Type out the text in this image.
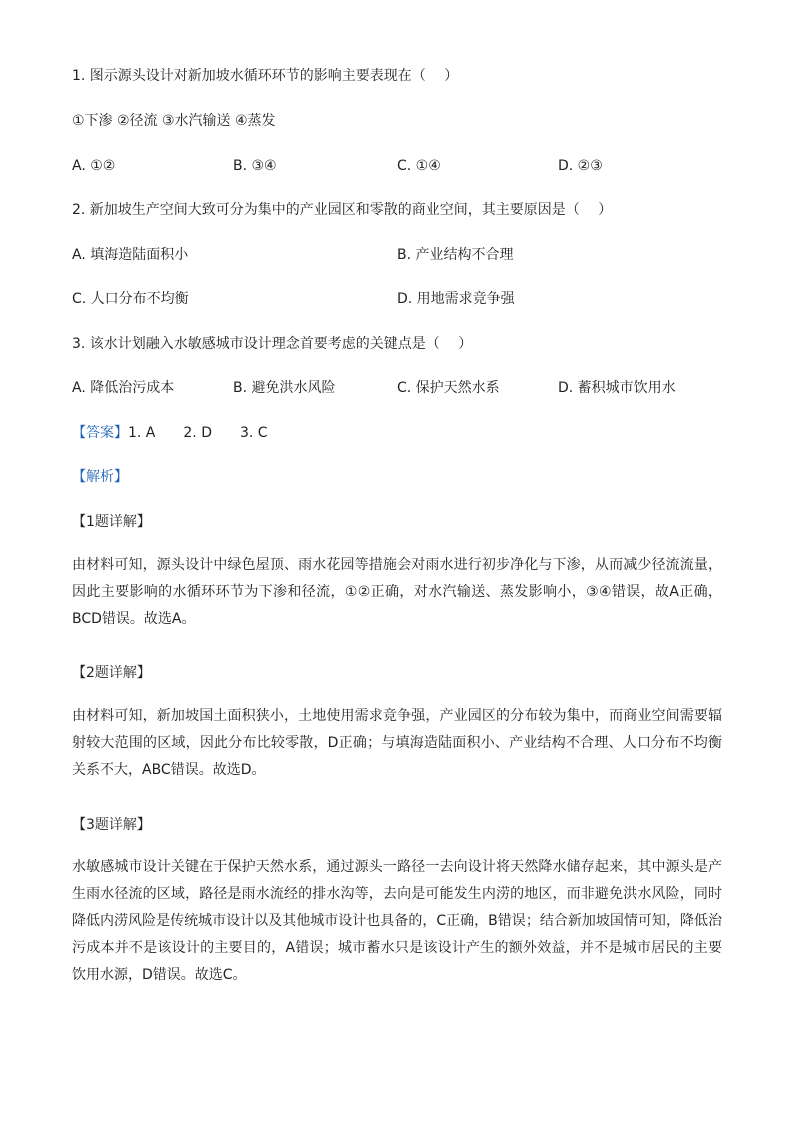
1. 图示源头设计对新加坡水循环环节的影响主要表现在（　 ）
①下渗 ②径流 ③水汽输送 ④蒸发
A. ①②	B. ③④	C. ①④	D. ②③
2. 新加坡生产空间大致可分为集中的产业园区和零散的商业空间，其主要原因是（　 ）
A. 填海造陆面积小	B. 产业结构不合理
C. 人口分布不均衡	D. 用地需求竞争强
3. 该水计划融入水敏感城市设计理念首要考虑的关键点是（　 ）
A. 降低治污成本	B. 避免洪水风险	C. 保护天然水系	D. 蓄积城市饮用水
【答案】1. A　　2. D　　3. C
【解析】
【1题详解】
由材料可知，源头设计中绿色屋顶、雨水花园等措施会对雨水进行初步净化与下渗，从而减少径流流量，因此主要影响的水循环环节为下渗和径流，①②正确，对水汽输送、蒸发影响小，③④错误，故A正确，BCD错误。故选A。
【2题详解】
由材料可知，新加坡国土面积狭小，土地使用需求竞争强，产业园区的分布较为集中，而商业空间需要辐射较大范围的区域，因此分布比较零散，D正确；与填海造陆面积小、产业结构不合理、人口分布不均衡关系不大，ABC错误。故选D。
【3题详解】
水敏感城市设计关键在于保护天然水系，通过源头一路径一去向设计将天然降水储存起来，其中源头是产生雨水径流的区域，路径是雨水流经的排水沟等，去向是可能发生内涝的地区，而非避免洪水风险，同时降低内涝风险是传统城市设计以及其他城市设计也具备的，C正确，B错误；结合新加坡国情可知，降低治污成本并不是该设计的主要目的，A错误；城市蓄水只是该设计产生的额外效益，并不是城市居民的主要饮用水源，D错误。故选C。
